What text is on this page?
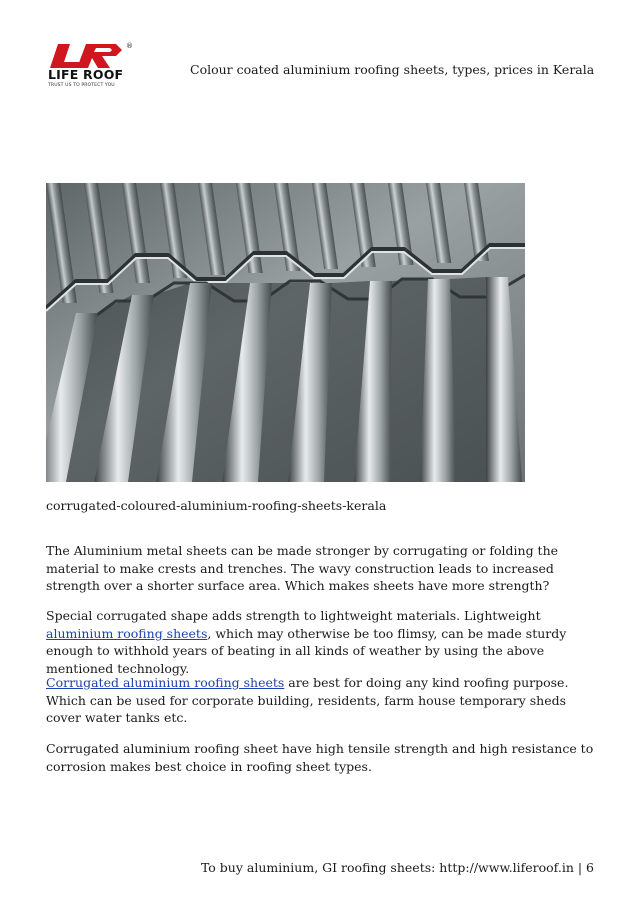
®
LIFE ROOF
TRUST US TO PROTECT YOU
Colour coated aluminium roofing sheets, types, prices in Kerala
corrugated-coloured-aluminium-roofing-sheets-kerala

The Aluminium metal sheets can be made stronger by corrugating or folding the material to make crests and trenches. The wavy construction leads to increased strength over a shorter surface area. Which makes sheets have more strength?

Special corrugated shape adds strength to lightweight materials. Lightweight aluminium roofing sheets, which may otherwise be too flimsy, can be made sturdy enough to withhold years of beating in all kinds of weather by using the above mentioned technology.

Corrugated aluminium roofing sheets are best for doing any kind roofing purpose. Which can be used for corporate building, residents, farm house temporary sheds cover water tanks etc.

Corrugated aluminium roofing sheet have high tensile strength and high resistance to corrosion makes best choice in roofing sheet types.

To buy aluminium, GI roofing sheets: http://www.liferoof.in | 6
